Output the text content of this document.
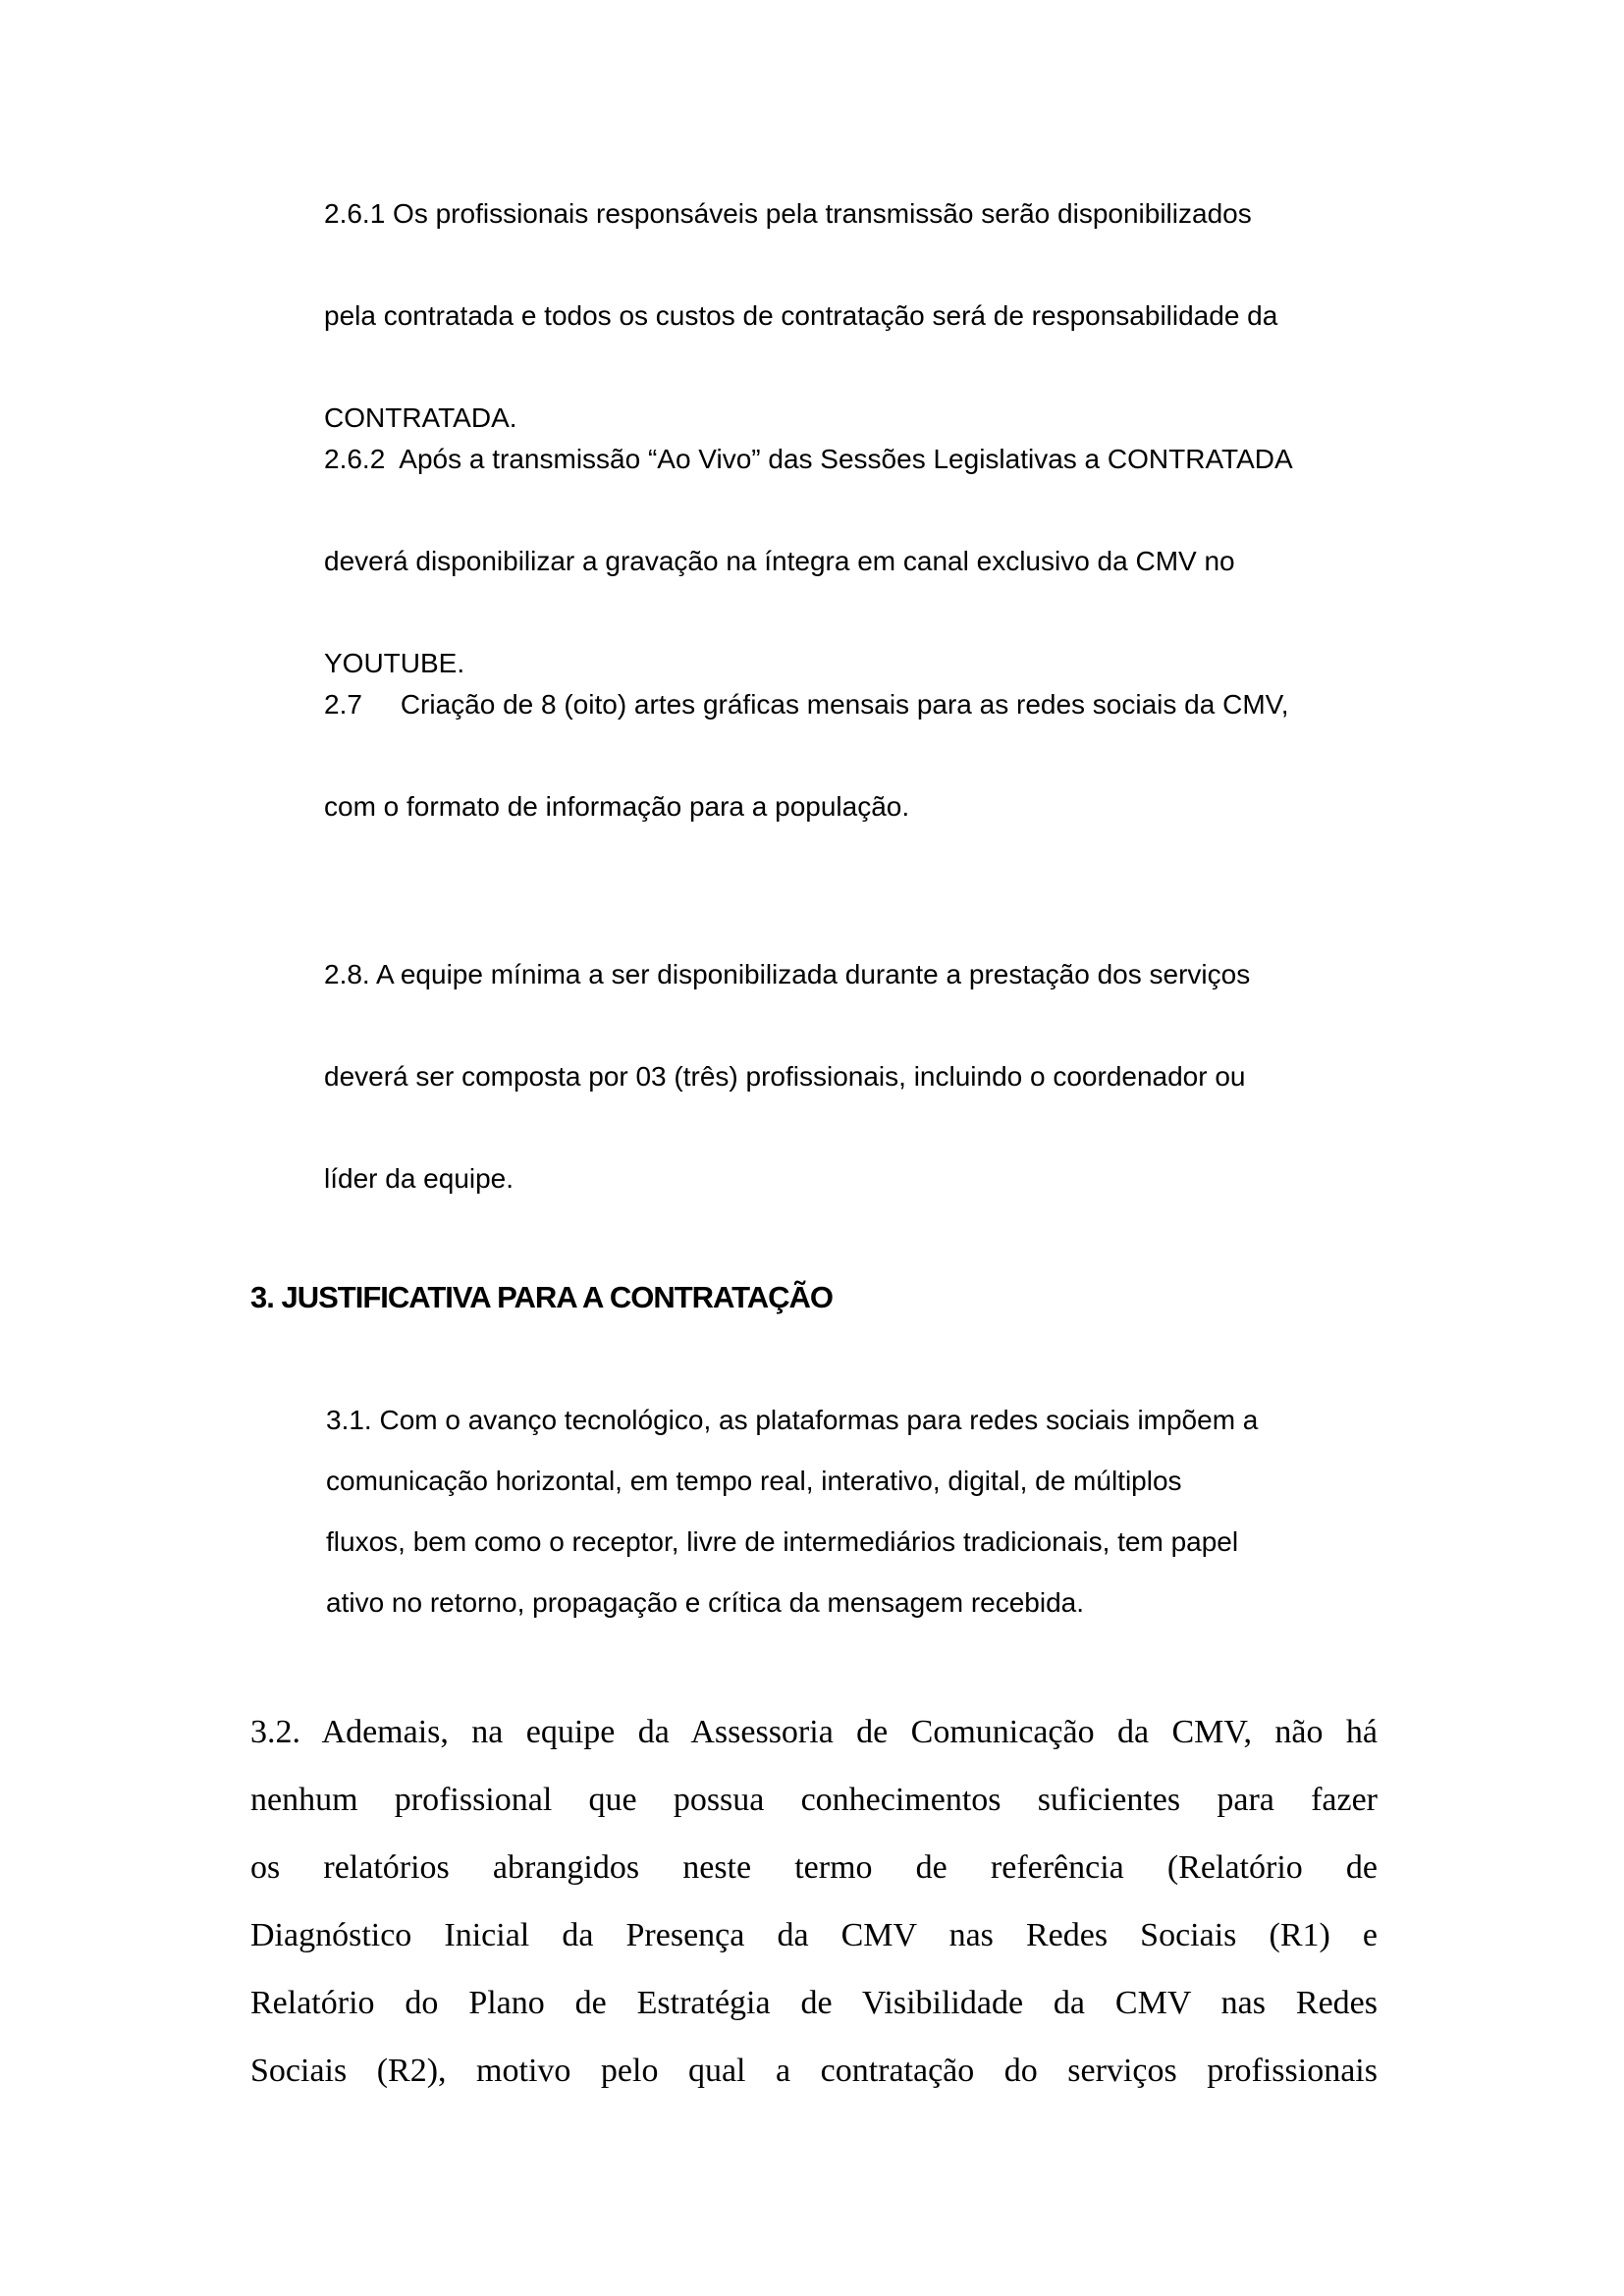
2.6.1 Os profissionais responsáveis pela transmissão serão disponibilizados
pela contratada e todos os custos de contratação será de responsabilidade da
CONTRATADA.
2.6.2  Após a transmissão “Ao Vivo” das Sessões Legislativas a CONTRATADA
deverá disponibilizar a gravação na íntegra em canal exclusivo da CMV no
YOUTUBE.
2.7     Criação de 8 (oito) artes gráficas mensais para as redes sociais da CMV,
com o formato de informação para a população.
2.8. A equipe mínima a ser disponibilizada durante a prestação dos serviços
deverá ser composta por 03 (três) profissionais, incluindo o coordenador ou
líder da equipe.
3. JUSTIFICATIVA PARA A CONTRATAÇÃO
3.1. Com o avanço tecnológico, as plataformas para redes sociais impõem a
comunicação horizontal, em tempo real, interativo, digital, de múltiplos
fluxos, bem como o receptor, livre de intermediários tradicionais, tem papel
ativo no retorno, propagação e crítica da mensagem recebida.
3.2. Ademais, na equipe da Assessoria de Comunicação da CMV, não há
nenhum profissional que possua conhecimentos suficientes para fazer
os relatórios abrangidos neste termo de referência (Relatório de
Diagnóstico Inicial da Presença da CMV nas Redes Sociais (R1) e
Relatório do Plano de Estratégia de Visibilidade da CMV nas Redes
Sociais (R2), motivo pelo qual a contratação do serviços profissionais
